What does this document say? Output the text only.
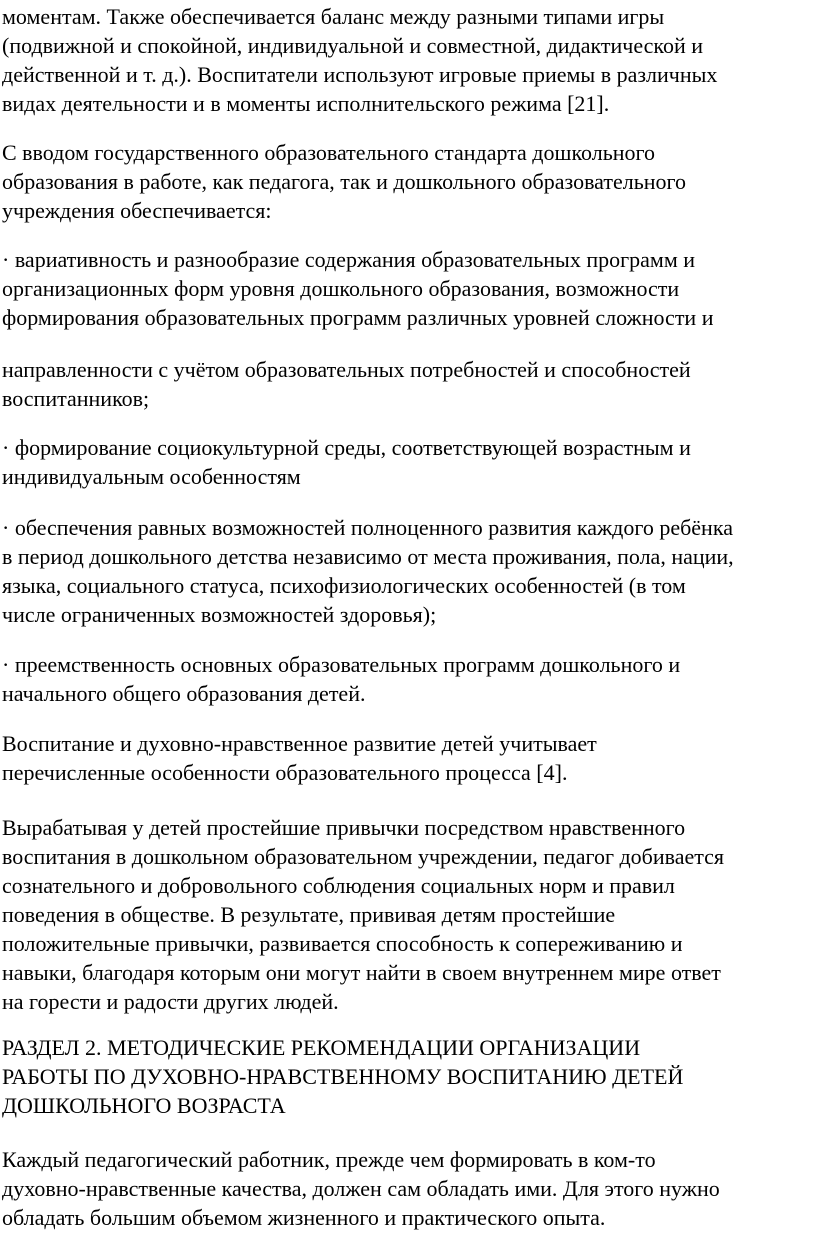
моментам. Также обеспечивается баланс между разными типами игры
(подвижной и спокойной, индивидуальной и совместной, дидактической и
действенной и т. д.). Воспитатели используют игровые приемы в различных
видах деятельности и в моменты исполнительского режима [21].

С вводом государственного образовательного стандарта дошкольного
образования в работе, как педагога, так и дошкольного образовательного
учреждения обеспечивается:

· вариативность и разнообразие содержания образовательных программ и
организационных форм уровня дошкольного образования, возможности
формирования образовательных программ различных уровней сложности и

направленности с учётом образовательных потребностей и способностей
воспитанников;

· формирование социокультурной среды, соответствующей возрастным и
индивидуальным особенностям

· обеспечения равных возможностей полноценного развития каждого ребёнка
в период дошкольного детства независимо от места проживания, пола, нации,
языка, социального статуса, психофизиологических особенностей (в том
числе ограниченных возможностей здоровья);

· преемственность основных образовательных программ дошкольного и
начального общего образования детей.

Воспитание и духовно-нравственное развитие детей учитывает
перечисленные особенности образовательного процесса [4].

Вырабатывая у детей простейшие привычки посредством нравственного
воспитания в дошкольном образовательном учреждении, педагог добивается
сознательного и добровольного соблюдения социальных норм и правил
поведения в обществе. В результате, прививая детям простейшие
положительные привычки, развивается способность к сопереживанию и
навыки, благодаря которым они могут найти в своем внутреннем мире ответ
на горести и радости других людей.

РАЗДЕЛ 2. МЕТОДИЧЕСКИЕ РЕКОМЕНДАЦИИ ОРГАНИЗАЦИИ
РАБОТЫ ПО ДУХОВНО-НРАВСТВЕННОМУ ВОСПИТАНИЮ ДЕТЕЙ
ДОШКОЛЬНОГО ВОЗРАСТА

Каждый педагогический работник, прежде чем формировать в ком-то
духовно-нравственные качества, должен сам обладать ими. Для этого нужно
обладать большим объемом жизненного и практического опыта.
